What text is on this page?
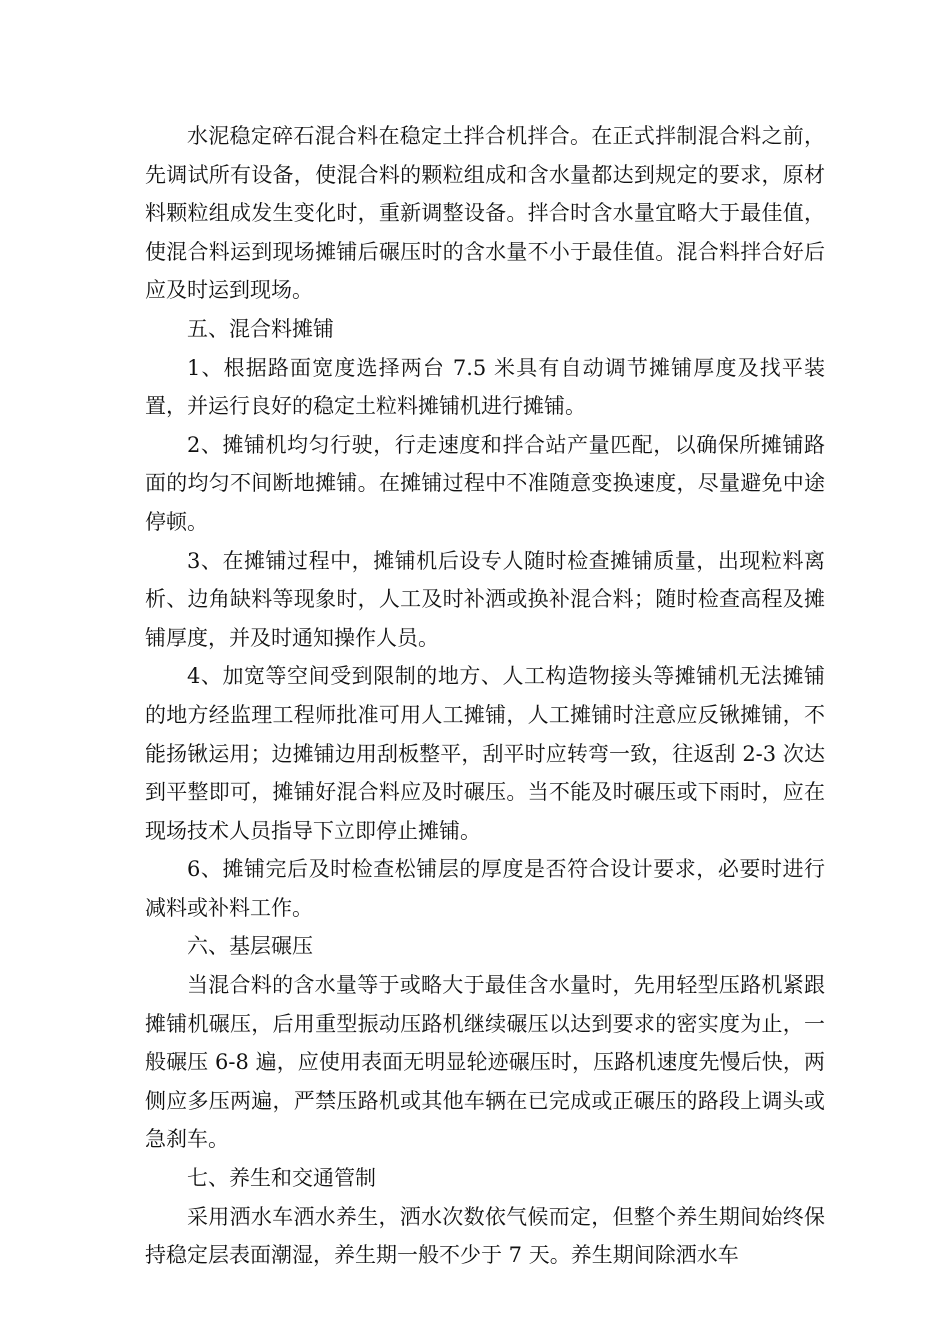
水泥稳定碎石混合料在稳定土拌合机拌合。在正式拌制混合料之前，先调试所有设备，使混合料的颗粒组成和含水量都达到规定的要求，原材料颗粒组成发生变化时，重新调整设备。拌合时含水量宜略大于最佳值，使混合料运到现场摊铺后碾压时的含水量不小于最佳值。混合料拌合好后应及时运到现场。

五、混合料摊铺

1、根据路面宽度选择两台 7.5 米具有自动调节摊铺厚度及找平装置，并运行良好的稳定土粒料摊铺机进行摊铺。

2、摊铺机均匀行驶，行走速度和拌合站产量匹配，以确保所摊铺路面的均匀不间断地摊铺。在摊铺过程中不准随意变换速度，尽量避免中途停顿。

3、在摊铺过程中，摊铺机后设专人随时检查摊铺质量，出现粒料离析、边角缺料等现象时，人工及时补洒或换补混合料；随时检查高程及摊铺厚度，并及时通知操作人员。

4、加宽等空间受到限制的地方、人工构造物接头等摊铺机无法摊铺的地方经监理工程师批准可用人工摊铺，人工摊铺时注意应反锹摊铺，不能扬锹运用；边摊铺边用刮板整平，刮平时应转弯一致，往返刮 2-3 次达到平整即可，摊铺好混合料应及时碾压。当不能及时碾压或下雨时，应在现场技术人员指导下立即停止摊铺。

6、摊铺完后及时检查松铺层的厚度是否符合设计要求，必要时进行减料或补料工作。

六、基层碾压

当混合料的含水量等于或略大于最佳含水量时，先用轻型压路机紧跟摊铺机碾压，后用重型振动压路机继续碾压以达到要求的密实度为止，一般碾压 6-8 遍，应使用表面无明显轮迹碾压时，压路机速度先慢后快，两侧应多压两遍，严禁压路机或其他车辆在已完成或正碾压的路段上调头或急刹车。

七、养生和交通管制

采用洒水车洒水养生，洒水次数依气候而定，但整个养生期间始终保持稳定层表面潮湿，养生期一般不少于 7 天。养生期间除洒水车
